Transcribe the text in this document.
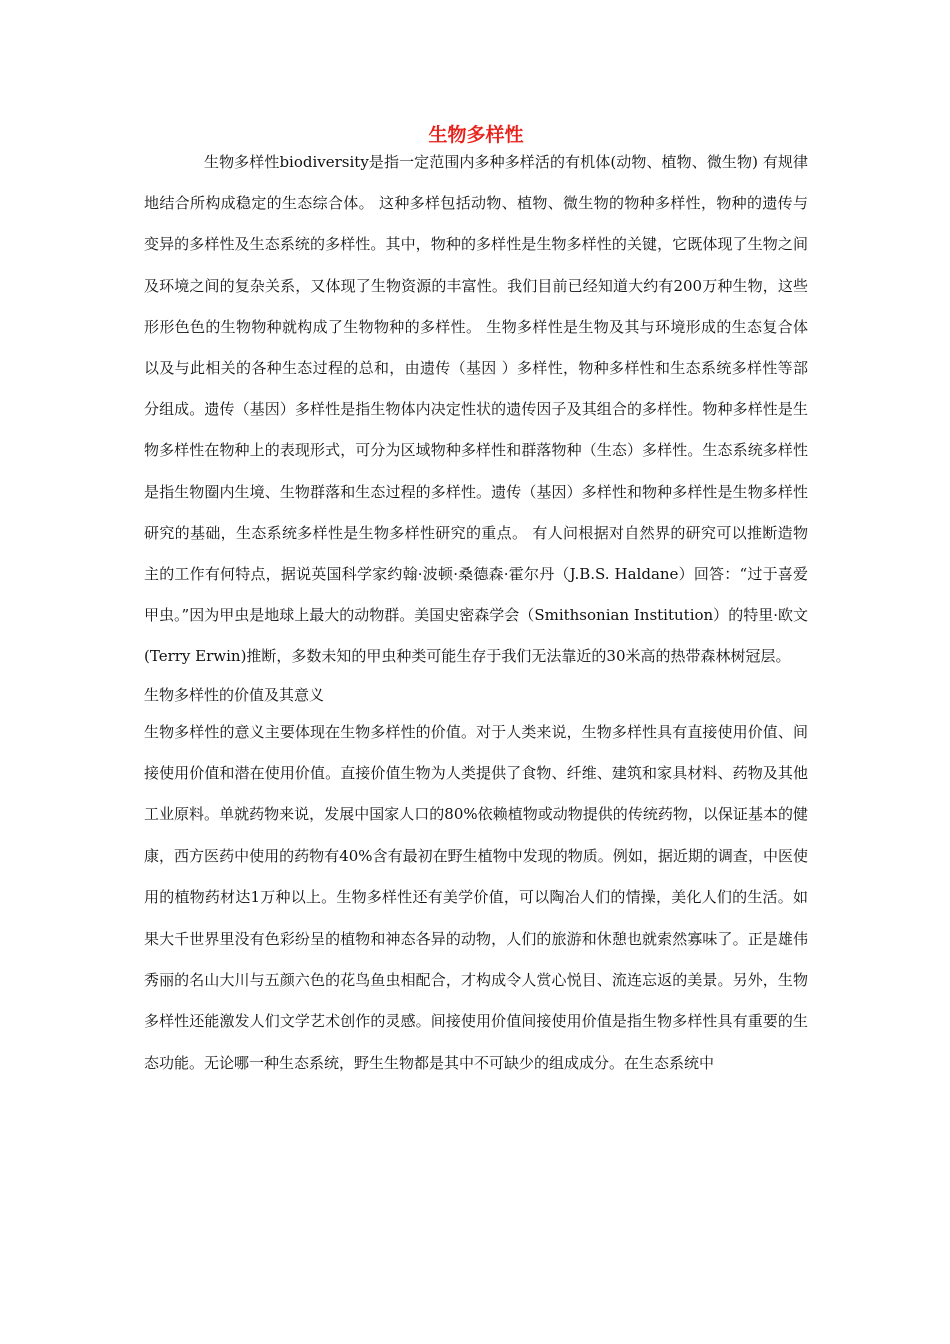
生物多样性

生物多样性biodiversity是指一定范围内多种多样活的有机体(动物、植物、微生物) 有规律地结合所构成稳定的生态综合体。 这种多样包括动物、植物、微生物的物种多样性，物种的遗传与变异的多样性及生态系统的多样性。其中，物种的多样性是生物多样性的关键，它既体现了生物之间及环境之间的复杂关系，又体现了生物资源的丰富性。我们目前已经知道大约有200万种生物，这些形形色色的生物物种就构成了生物物种的多样性。 生物多样性是生物及其与环境形成的生态复合体以及与此相关的各种生态过程的总和，由遗传（基因 ）多样性，物种多样性和生态系统多样性等部分组成。遗传（基因）多样性是指生物体内决定性状的遗传因子及其组合的多样性。物种多样性是生物多样性在物种上的表现形式，可分为区域物种多样性和群落物种（生态）多样性。生态系统多样性是指生物圈内生境、生物群落和生态过程的多样性。遗传（基因）多样性和物种多样性是生物多样性研究的基础，生态系统多样性是生物多样性研究的重点。 有人问根据对自然界的研究可以推断造物主的工作有何特点，据说英国科学家约翰·波顿·桑德森·霍尔丹（J.B.S. Haldane）回答：“过于喜爱甲虫。”因为甲虫是地球上最大的动物群。美国史密森学会（Smithsonian Institution）的特里·欧文(Terry Erwin)推断，多数未知的甲虫种类可能生存于我们无法靠近的30米高的热带森林树冠层。

生物多样性的价值及其意义

生物多样性的意义主要体现在生物多样性的价值。对于人类来说，生物多样性具有直接使用价值、间接使用价值和潜在使用价值。直接价值生物为人类提供了食物、纤维、建筑和家具材料、药物及其他工业原料。单就药物来说，发展中国家人口的80%依赖植物或动物提供的传统药物，以保证基本的健康，西方医药中使用的药物有40%含有最初在野生植物中发现的物质。例如，据近期的调查，中医使用的植物药材达1万种以上。生物多样性还有美学价值，可以陶冶人们的情操，美化人们的生活。如果大千世界里没有色彩纷呈的植物和神态各异的动物，人们的旅游和休憩也就索然寡味了。正是雄伟秀丽的名山大川与五颜六色的花鸟鱼虫相配合，才构成令人赏心悦目、流连忘返的美景。另外，生物多样性还能激发人们文学艺术创作的灵感。间接使用价值间接使用价值是指生物多样性具有重要的生态功能。无论哪一种生态系统，野生生物都是其中不可缺少的组成成分。在生态系统中
